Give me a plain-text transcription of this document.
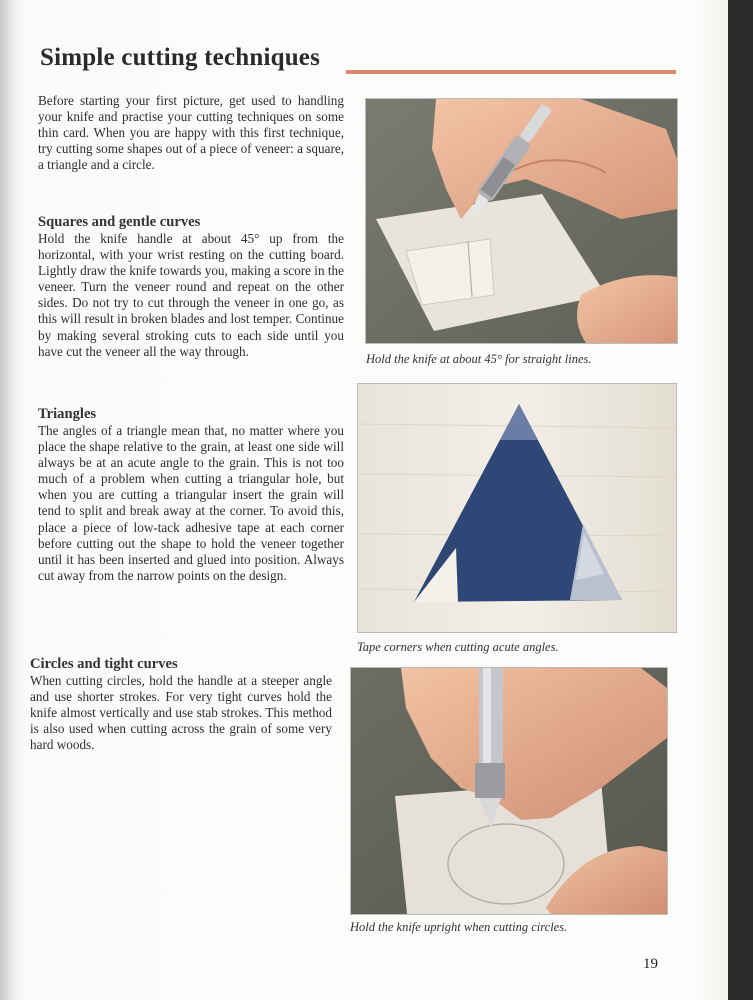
Simple cutting techniques

Before starting your first picture, get used to handling your knife and practise your cutting techniques on some thin card. When you are happy with this first technique, try cutting some shapes out of a piece of veneer: a square, a triangle and a circle.

Squares and gentle curves

Hold the knife handle at about 45° up from the horizontal, with your wrist resting on the cutting board. Lightly draw the knife towards you, making a score in the veneer. Turn the veneer round and repeat on the other sides. Do not try to cut through the veneer in one go, as this will result in broken blades and lost temper. Continue by making several stroking cuts to each side until you have cut the veneer all the way through.

Triangles

The angles of a triangle mean that, no matter where you place the shape relative to the grain, at least one side will always be at an acute angle to the grain. This is not too much of a problem when cutting a triangular hole, but when you are cutting a triangular insert the grain will tend to split and break away at the corner. To avoid this, place a piece of low-tack adhesive tape at each corner before cutting out the shape to hold the veneer together until it has been inserted and glued into position. Always cut away from the narrow points on the design.

Circles and tight curves

When cutting circles, hold the handle at a steeper angle and use shorter strokes. For very tight curves hold the knife almost vertically and use stab strokes. This method is also used when cutting across the grain of some very hard woods.

Hold the knife at about 45° for straight lines.
Tape corners when cutting acute angles.
Hold the knife upright when cutting circles.
19
